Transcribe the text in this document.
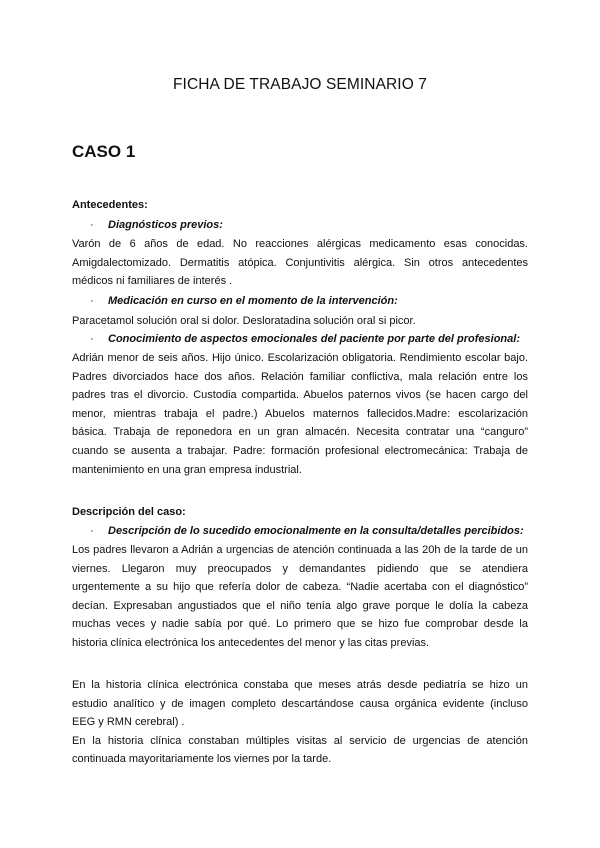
FICHA DE TRABAJO SEMINARIO 7
CASO 1
Antecedentes:
· Diagnósticos previos:
Varón de 6 años de edad. No reacciones alérgicas medicamento esas conocidas.
Amigdalectomizado. Dermatitis atópica. Conjuntivitis alérgica. Sin otros antecedentes
médicos ni familiares de interés .
· Medicación en curso en el momento de la intervención:
Paracetamol solución oral si dolor. Desloratadina solución oral si picor.
· Conocimiento de aspectos emocionales del paciente por parte del profesional:
Adrián menor de seis años. Hijo único. Escolarización obligatoria. Rendimiento escolar bajo.
Padres divorciados hace dos años. Relación familiar conflictiva, mala relación entre los
padres tras el divorcio. Custodia compartida. Abuelos paternos vivos (se hacen cargo del
menor, mientras trabaja el padre.) Abuelos maternos fallecidos.Madre: escolarización
básica. Trabaja de reponedora en un gran almacén. Necesita contratar una “canguro”
cuando se ausenta a trabajar. Padre: formación profesional electromecánica: Trabaja de
mantenimiento en una gran empresa industrial.
Descripción del caso:
· Descripción de lo sucedido emocionalmente en la consulta/detalles percibidos:
Los padres llevaron a Adrián a urgencias de atención continuada a las 20h de la tarde de un
viernes. Llegaron muy preocupados y demandantes pidiendo que se atendiera
urgentemente a su hijo que refería dolor de cabeza. “Nadie acertaba con el diagnóstico”
decían. Expresaban angustiados que el niño tenía algo grave porque le dolía la cabeza
muchas veces y nadie sabía por qué. Lo primero que se hizo fue comprobar desde la
historia clínica electrónica los antecedentes del menor y las citas previas.
En la historia clínica electrónica constaba que meses atrás desde pediatría se hizo un
estudio analítico y de imagen completo descartándose causa orgánica evidente (incluso
EEG y RMN cerebral) .
En la historia clínica constaban múltiples visitas al servicio de urgencias de atención
continuada mayoritariamente los viernes por la tarde.
